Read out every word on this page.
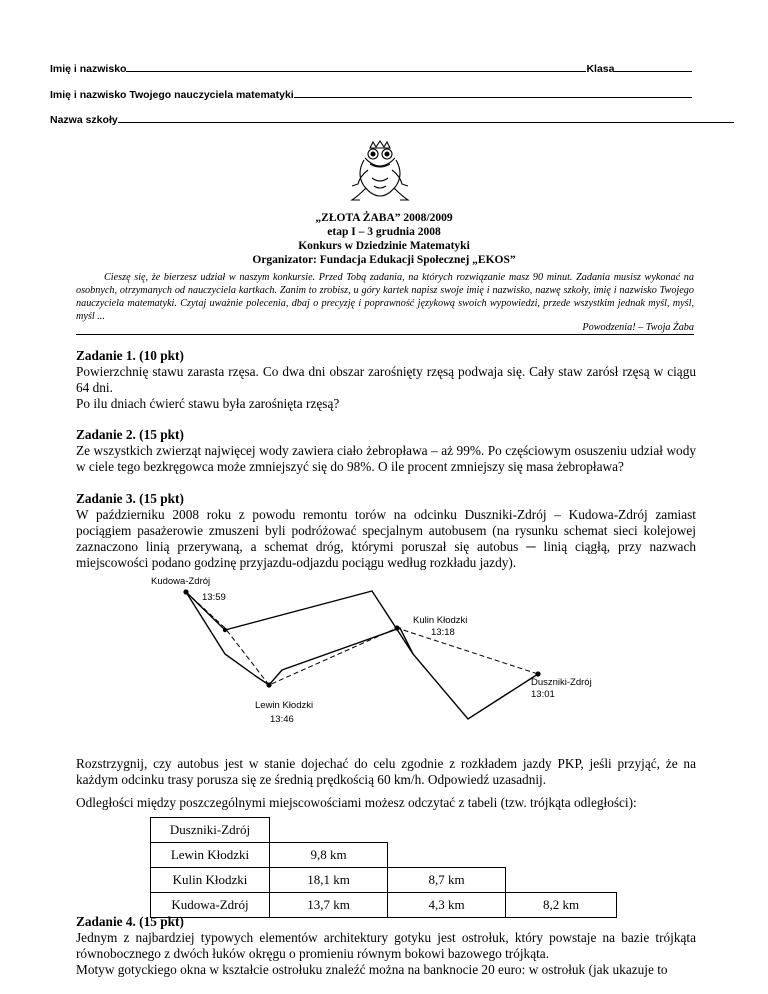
Imię i nazwisko	Klasa
Imię i nazwisko Twojego nauczyciela matematyki
Nazwa szkoły
„ZŁOTA ŻABA” 2008/2009
etap I – 3 grudnia 2008
Konkurs w Dziedzinie Matematyki
Organizator: Fundacja Edukacji Społecznej „EKOS”
Cieszę się, że bierzesz udział w naszym konkursie. Przed Tobą zadania, na których rozwiązanie masz 90 minut. Zadania musisz wykonać na osobnych, otrzymanych od nauczyciela kartkach. Zanim to zrobisz, u góry kartek napisz swoje imię i nazwisko, nazwę szkoły, imię i nazwisko Twojego nauczyciela matematyki. Czytaj uważnie polecenia, dbaj o precyzję i poprawność językową swoich wypowiedzi, przede wszystkim jednak myśl, myśl, myśl ...
Powodzenia! – Twoja Żaba

Zadanie 1. (10 pkt)

Powierzchnię stawu zarasta rzęsa. Co dwa dni obszar zarośnięty rzęsą podwaja się. Cały staw zarósł rzęsą w ciągu 64 dni.

Po ilu dniach ćwierć stawu była zarośnięta rzęsą?

Zadanie 2. (15 pkt)

Ze wszystkich zwierząt najwięcej wody zawiera ciało żebropława – aż 99%. Po częściowym osuszeniu udział wody w ciele tego bezkręgowca może zmniejszyć się do 98%. O ile procent zmniejszy się masa żebropława?

Zadanie 3. (15 pkt)

W październiku 2008 roku z powodu remontu torów na odcinku Duszniki-Zdrój – Kudowa-Zdrój zamiast pociągiem pasażerowie zmuszeni byli podróżować specjalnym autobusem (na rysunku schemat sieci kolejowej zaznaczono linią przerywaną, a schemat dróg, którymi poruszał się autobus ─ linią ciągłą, przy nazwach miejscowości podano godzinę przyjazdu-odjazdu pociągu według rozkładu jazdy).

Kudowa-Zdrój
13:59
Kulin Kłodzki
13:18
Duszniki-Zdrój
13:01
Lewin Kłodzki
13:46

Rozstrzygnij, czy autobus jest w stanie dojechać do celu zgodnie z rozkładem jazdy PKP, jeśli przyjąć, że na każdym odcinku trasy porusza się ze średnią prędkością 60 km/h. Odpowiedź uzasadnij.

Odległości między poszczególnymi miejscowościami możesz odczytać z tabeli (tzw. trójkąta odległości):

Duszniki-Zdrój			
Lewin Kłodzki	9,8 km		
Kulin Kłodzki	18,1 km	8,7 km	
Kudowa-Zdrój	13,7 km	4,3 km	8,2 km

Zadanie 4. (15 pkt)

Jednym z najbardziej typowych elementów architektury gotyku jest ostrołuk, który powstaje na bazie trójkąta równobocznego z dwóch łuków okręgu o promieniu równym bokowi bazowego trójkąta.

Motyw gotyckiego okna w kształcie ostrołuku znaleźć można na banknocie 20 euro: w ostrołuk (jak ukazuje to
